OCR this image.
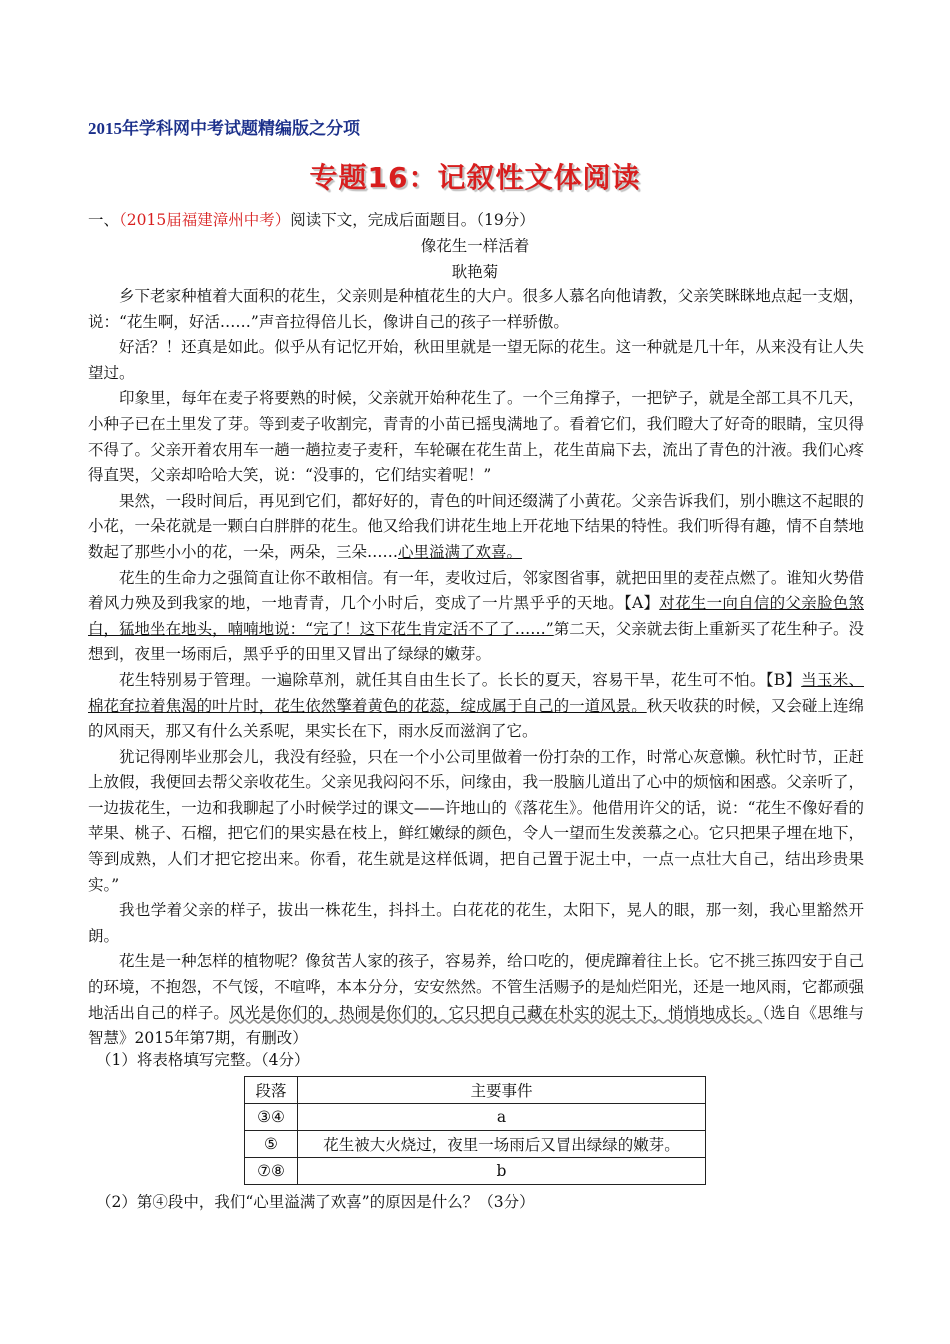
2015年学科网中考试题精编版之分项
专题16：记叙性文体阅读
一、（2015届福建漳州中考）阅读下文，完成后面题目。（19分）
像花生一样活着
耿艳菊

乡下老家种植着大面积的花生，父亲则是种植花生的大户。很多人慕名向他请教，父亲笑眯眯地点起一支烟，说：“花生啊，好活……”声音拉得倍儿长，像讲自己的孩子一样骄傲。

好活？！还真是如此。似乎从有记忆开始，秋田里就是一望无际的花生。这一种就是几十年，从来没有让人失望过。

印象里，每年在麦子将要熟的时候，父亲就开始种花生了。一个三角撑子，一把铲子，就是全部工具不几天，小种子已在土里发了芽。等到麦子收割完，青青的小苗已摇曳满地了。看着它们，我们瞪大了好奇的眼睛，宝贝得不得了。父亲开着农用车一趟一趟拉麦子麦秆，车轮碾在花生苗上，花生苗扁下去，流出了青色的汁液。我们心疼得直哭，父亲却哈哈大笑，说：“没事的，它们结实着呢！”

果然，一段时间后，再见到它们，都好好的，青色的叶间还缀满了小黄花。父亲告诉我们，别小瞧这不起眼的小花，一朵花就是一颗白白胖胖的花生。他又给我们讲花生地上开花地下结果的特性。我们听得有趣，情不自禁地数起了那些小小的花，一朵，两朵，三朵……心里溢满了欢喜。

花生的生命力之强简直让你不敢相信。有一年，麦收过后，邻家图省事，就把田里的麦茬点燃了。谁知火势借着风力殃及到我家的地，一地青青，几个小时后，变成了一片黑乎乎的天地。【A】对花生一向自信的父亲脸色煞白，猛地坐在地头，喃喃地说：“完了！这下花生肯定活不了了……”第二天，父亲就去街上重新买了花生种子。没想到，夜里一场雨后，黑乎乎的田里又冒出了绿绿的嫩芽。

花生特别易于管理。一遍除草剂，就任其自由生长了。长长的夏天，容易干旱，花生可不怕。【B】当玉米、棉花耷拉着焦渴的叶片时，花生依然擎着黄色的花蕊，绽成属于自己的一道风景。秋天收获的时候，又会碰上连绵的风雨天，那又有什么关系呢，果实长在下，雨水反而滋润了它。

犹记得刚毕业那会儿，我没有经验，只在一个小公司里做着一份打杂的工作，时常心灰意懒。秋忙时节，正赶上放假，我便回去帮父亲收花生。父亲见我闷闷不乐，问缘由，我一股脑儿道出了心中的烦恼和困惑。父亲听了，一边拔花生，一边和我聊起了小时候学过的课文——许地山的《落花生》。他借用许父的话，说：“花生不像好看的苹果、桃子、石榴，把它们的果实悬在枝上，鲜红嫩绿的颜色，令人一望而生发羡慕之心。它只把果子埋在地下，等到成熟，人们才把它挖出来。你看，花生就是这样低调，把自己置于泥土中，一点一点壮大自己，结出珍贵果实。”

我也学着父亲的样子，拔出一株花生，抖抖土。白花花的花生，太阳下，晃人的眼，那一刻，我心里豁然开朗。

花生是一种怎样的植物呢？像贫苦人家的孩子，容易养，给口吃的，便虎蹿着往上长。它不挑三拣四安于自己的环境，不抱怨，不气馁，不喧哗，本本分分，安安然然。不管生活赐予的是灿烂阳光，还是一地风雨，它都顽强地活出自己的样子。风光是你们的，热闹是你们的，它只把自己藏在朴实的泥土下，悄悄地成长。（选自《思维与智慧》2015年第7期，有删改）

（1）将表格填写完整。（4分）
段落	主要事件
③④	a
⑤	花生被大火烧过，夜里一场雨后又冒出绿绿的嫩芽。
⑦⑧	b
（2）第④段中，我们“心里溢满了欢喜”的原因是什么？（3分）
